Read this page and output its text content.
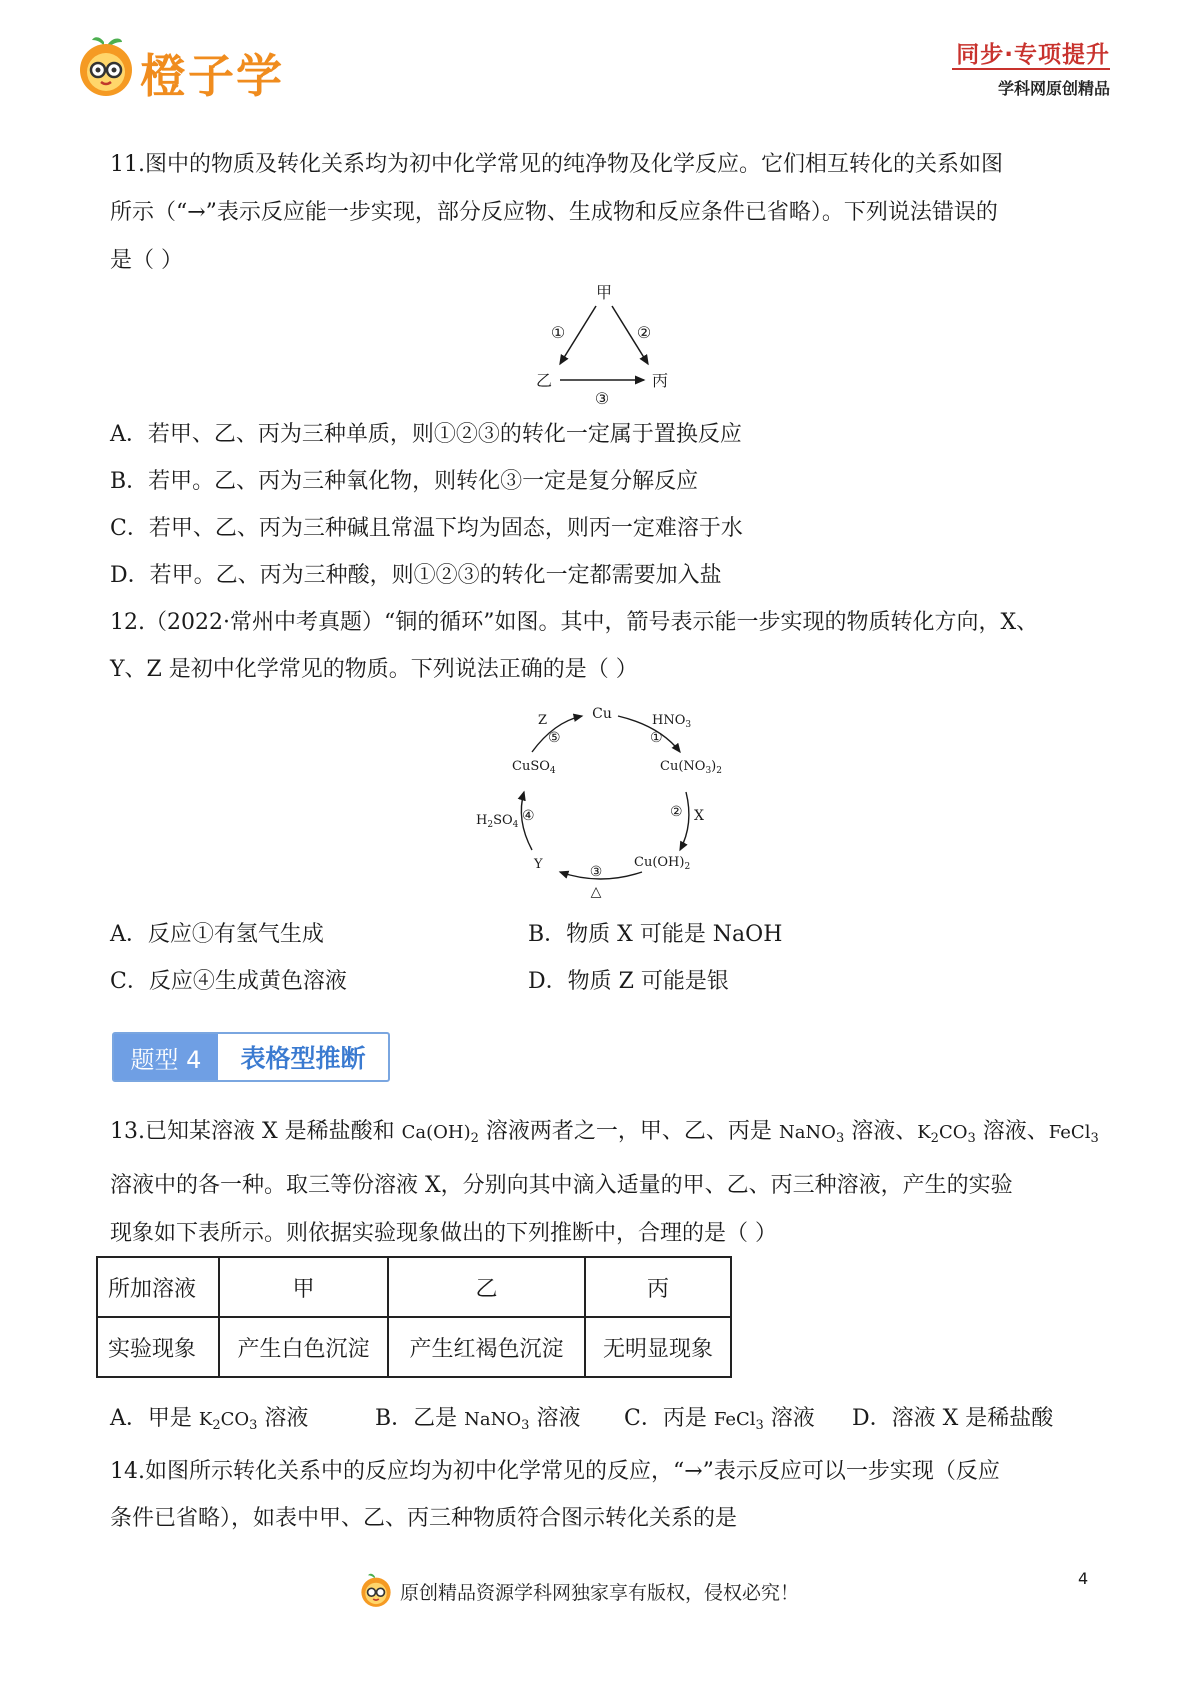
橙子学	同步·专项提升
学科网原创精品
11.图中的物质及转化关系均为初中化学常见的纯净物及化学反应。它们相互转化的关系如图
所示（“→”表示反应能一步实现，部分反应物、生成物和反应条件已省略）。下列说法错误的
是（ ）
甲
①	②
乙	丙
③
A．若甲、乙、丙为三种单质，则①②③的转化一定属于置换反应
B．若甲。乙、丙为三种氧化物，则转化③一定是复分解反应
C．若甲、乙、丙为三种碱且常温下均为固态，则丙一定难溶于水
D．若甲。乙、丙为三种酸，则①②③的转化一定都需要加入盐
12.（2022·常州中考真题）“铜的循环”如图。其中，箭号表示能一步实现的物质转化方向，X、
Y、Z 是初中化学常见的物质。下列说法正确的是（ ）
Cu	$HNO_3$
①
$Cu(NO_3)_2$
② X
$Cu(OH)_2$
③
△
Y
$H_2SO_4$
④
CuSO$_4$
⑤
Z
A．反应①有氢气生成	B．物质 X 可能是 NaOH
C．反应④生成黄色溶液	D．物质 Z 可能是银
题型 4	表格型推断
13.已知某溶液 X 是稀盐酸和 $Ca(OH)_2$ 溶液两者之一，甲、乙、丙是 NaNO$_3$ 溶液、$K_2CO_3$ 溶液、FeCl$_3$
溶液中的各一种。取三等份溶液 X，分别向其中滴入适量的甲、乙、丙三种溶液，产生的实验
现象如下表所示。则依据实验现象做出的下列推断中，合理的是（ ）
所加溶液	甲	乙	丙
实验现象	产生白色沉淀	产生红褐色沉淀	无明显现象
A．甲是 $K_2CO_3$ 溶液	B．乙是 NaNO$_3$ 溶液 C．丙是 FeCl$_3$ 溶液 D．溶液 X 是稀盐酸
14.如图所示转化关系中的反应均为初中化学常见的反应，“→”表示反应可以一步实现（反应
条件已省略），如表中甲、乙、丙三种物质符合图示转化关系的是
原创精品资源学科网独家享有版权，侵权必究！
4
